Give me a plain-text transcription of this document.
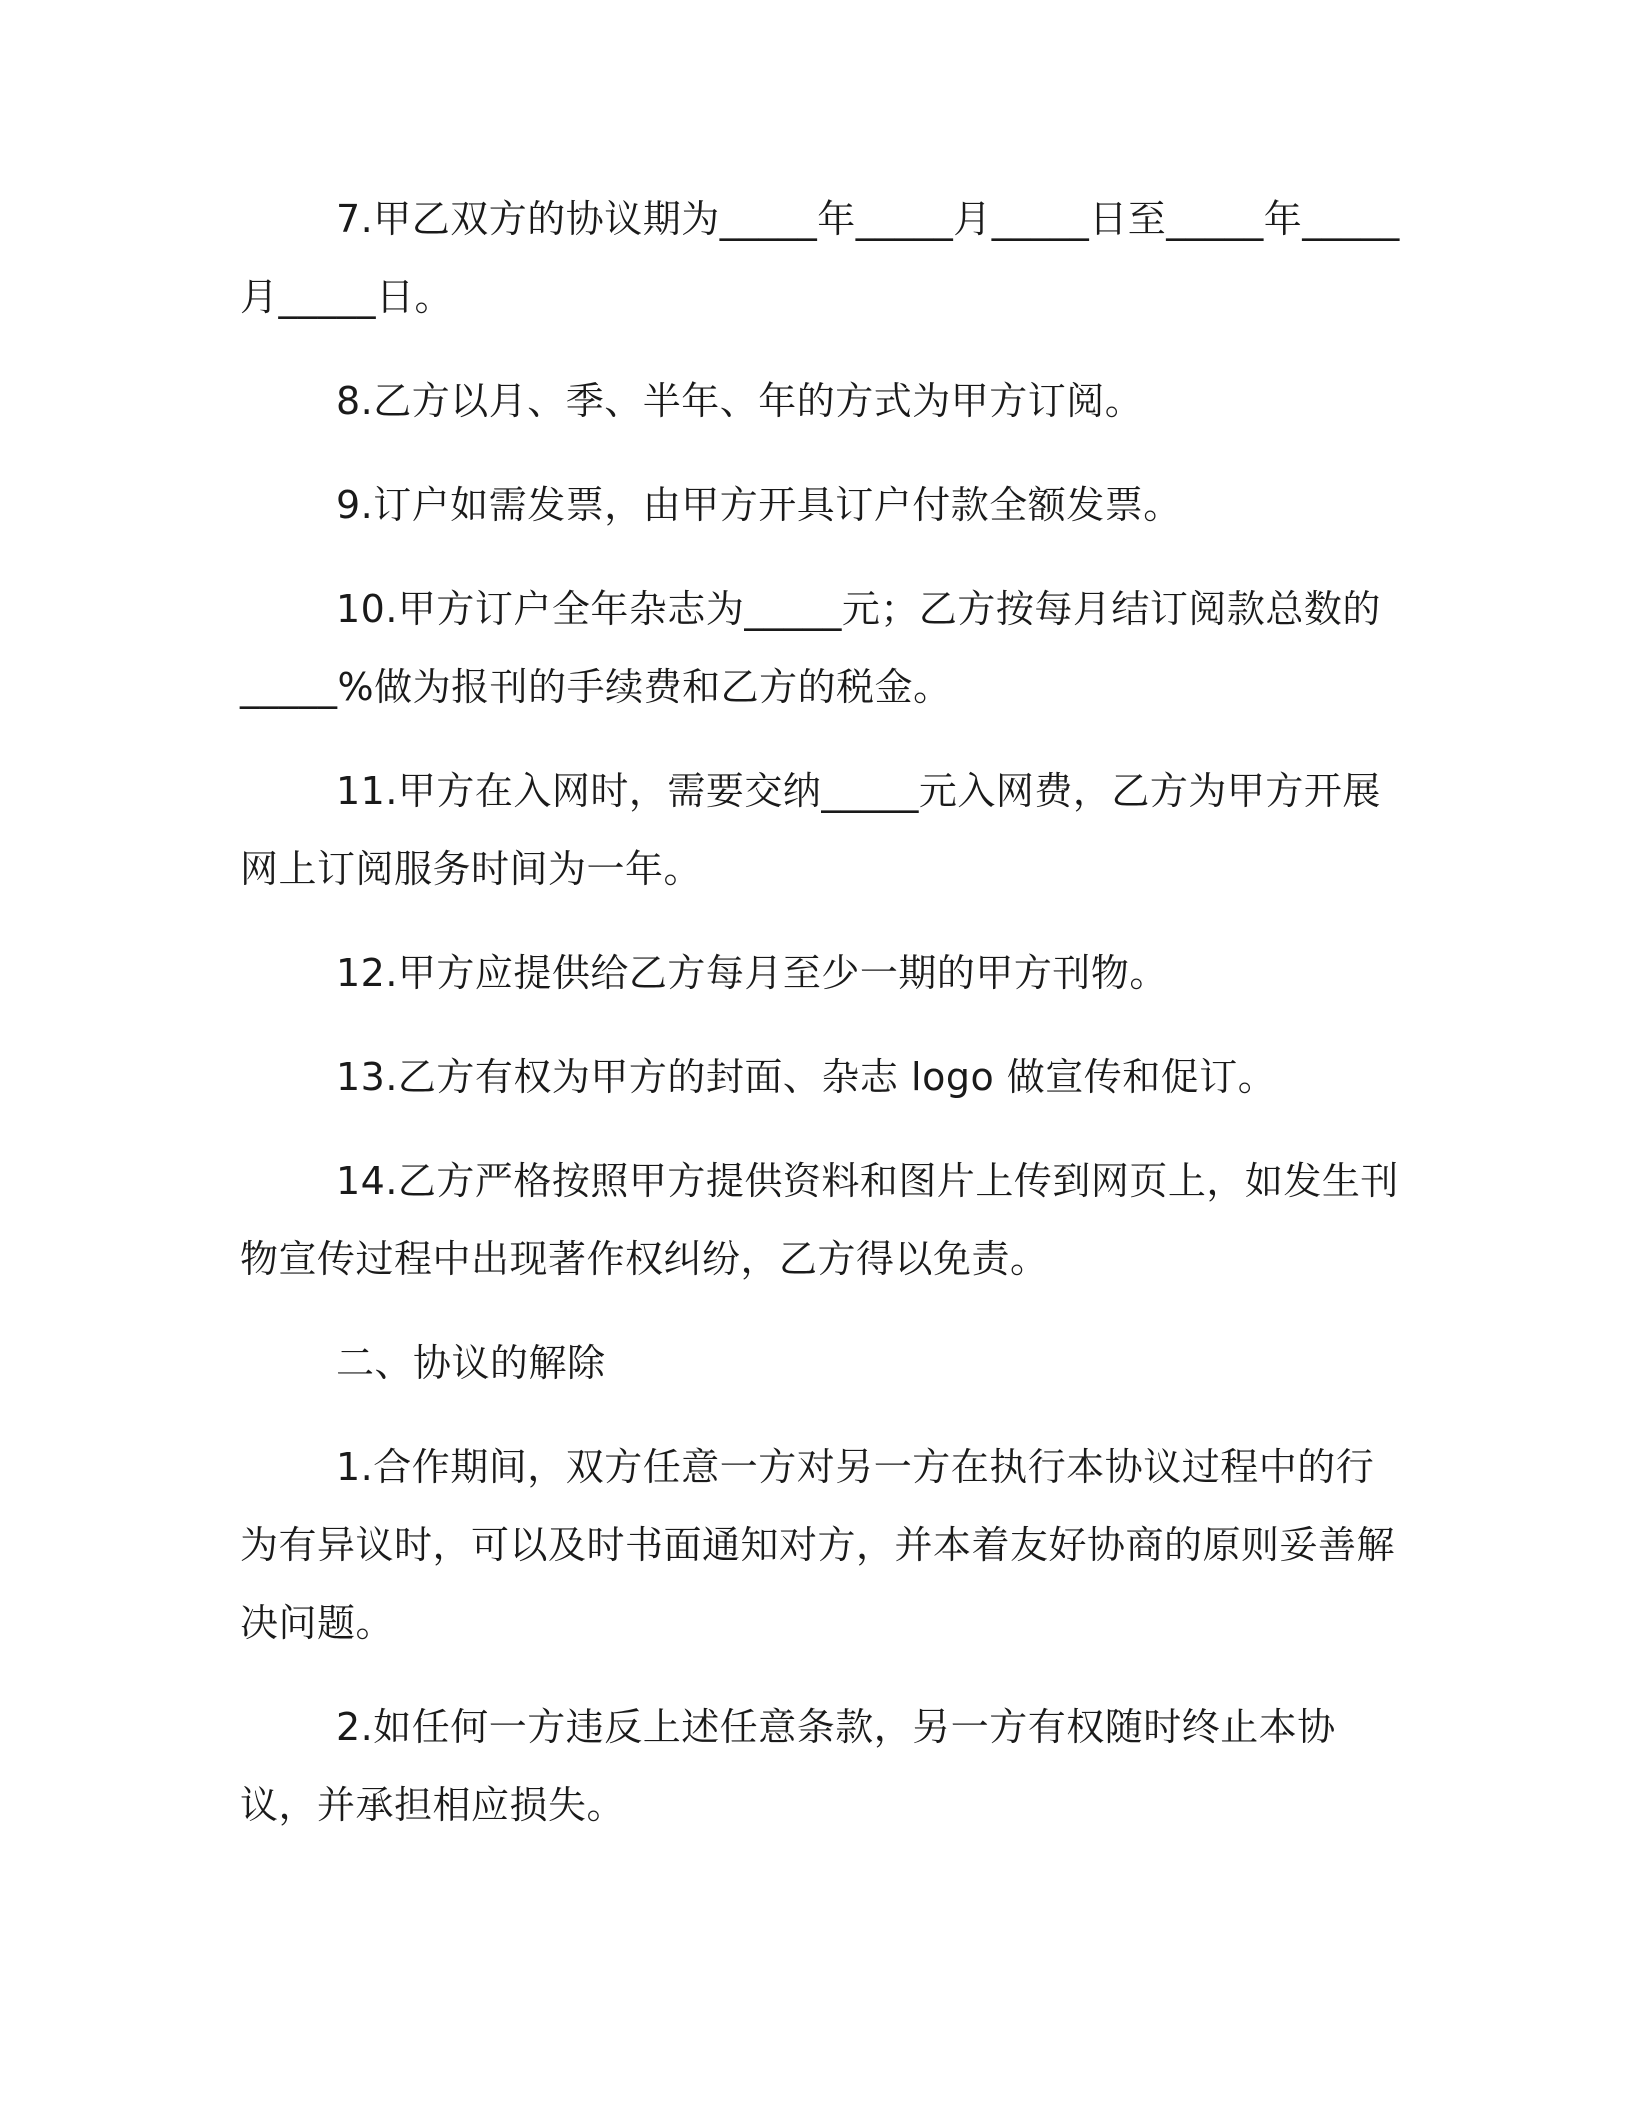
7.甲乙双方的协议期为_____年_____月_____日至_____年_____月_____日。

8.乙方以月、季、半年、年的方式为甲方订阅。

9.订户如需发票，由甲方开具订户付款全额发票。

10.甲方订户全年杂志为_____元；乙方按每月结订阅款总数的_____%做为报刊的手续费和乙方的税金。

11.甲方在入网时，需要交纳_____元入网费，乙方为甲方开展网上订阅服务时间为一年。

12.甲方应提供给乙方每月至少一期的甲方刊物。

13.乙方有权为甲方的封面、杂志 logo 做宣传和促订。

14.乙方严格按照甲方提供资料和图片上传到网页上，如发生刊物宣传过程中出现著作权纠纷，乙方得以免责。

二、协议的解除

1.合作期间，双方任意一方对另一方在执行本协议过程中的行为有异议时，可以及时书面通知对方，并本着友好协商的原则妥善解决问题。

2.如任何一方违反上述任意条款，另一方有权随时终止本协议，并承担相应损失。
